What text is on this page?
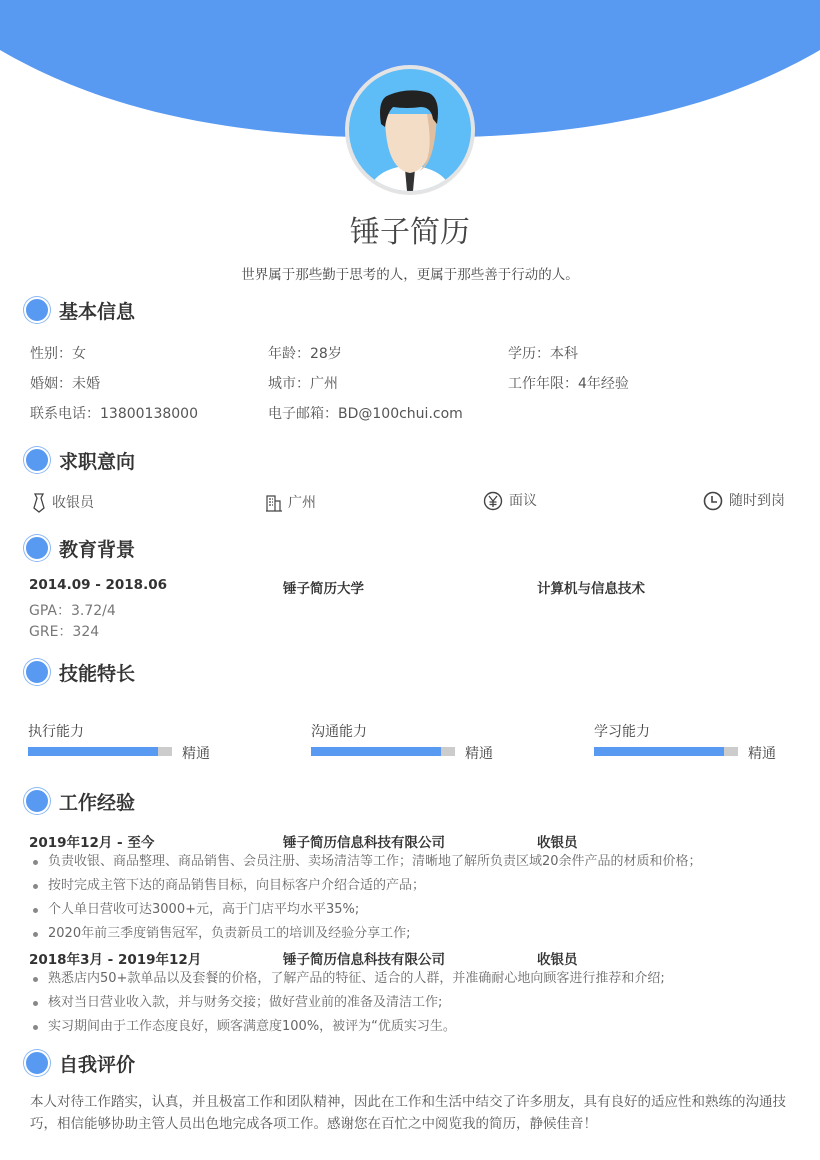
锤子简历
世界属于那些勤于思考的人，更属于那些善于行动的人。
基本信息
性别：女	年龄：28岁	学历：本科
婚姻：未婚	城市：广州	工作年限：4年经验
联系电话：13800138000	电子邮箱：BD@100chui.com
求职意向
收银员	广州	面议	随时到岗
教育背景
2014.09 - 2018.06	锤子简历大学	计算机与信息技术
GPA：3.72/4
GRE：324
技能特长
执行能力
精通
沟通能力
精通
学习能力
精通
工作经验
2019年12月 - 至今	锤子简历信息科技有限公司	收银员
负责收银、商品整理、商品销售、会员注册、卖场清洁等工作；清晰地了解所负责区域20余件产品的材质和价格；
按时完成主管下达的商品销售目标，向目标客户介绍合适的产品；
个人单日营收可达3000+元，高于门店平均水平35%;
2020年前三季度销售冠军，负责新员工的培训及经验分享工作;
2018年3月 - 2019年12月	锤子简历信息科技有限公司	收银员
熟悉店内50+款单品以及套餐的价格，了解产品的特征、适合的人群，并准确耐心地向顾客进行推荐和介绍;
核对当日营业收入款，并与财务交接；做好营业前的准备及清洁工作;
实习期间由于工作态度良好，顾客满意度100%，被评为“优质实习生。
自我评价
本人对待工作踏实，认真，并且极富工作和团队精神，因此在工作和生活中结交了许多朋友，具有良好的适应性和熟练的沟通技巧，相信能够协助主管人员出色地完成各项工作。感谢您在百忙之中阅览我的简历，静候佳音！
